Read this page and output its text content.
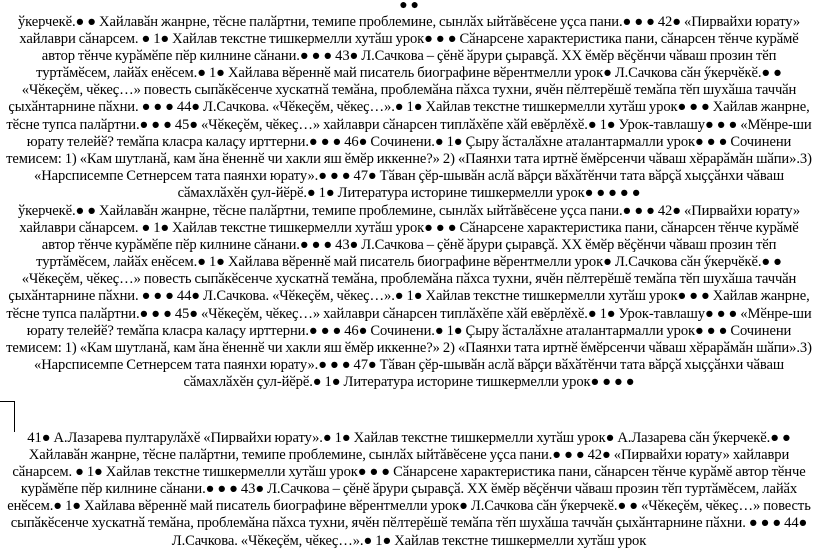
● ●
ўкерчекӗ.● ● Хайлавӑн жанрне, тӗсне палӑртни, темипе проблемине, сынлӑх ыйтӑвӗсене уҫса пани.● ● ● 42● «Пирвайхи юрату» хайлаври сӑнарсем. ● 1● Хайлав текстне тишкермелли хутӑш урок● ● ● Сӑнарсене характеристика пани, сӑнарсен тӗнче курӑмӗ автор тӗнче курӑмӗпе пӗр килнине сӑнани.● ● ● 43● Л.Сачкова – ҫӗнӗ ӑрури ҫыравҫӑ. ХХ ӗмӗр вӗҫӗнчи чӑваш прозин тӗп туртӑмӗсем, лайӑх енӗсем.● 1● Хайлава вӗреннӗ май писатель биографине вӗрентмелли урок● Л.Сачкова сӑн ӳкерчӗкӗ.● ● «Чӗкеҫӗм, чӗкеҫ…» повесть сыпӑкӗсенче хускатнӑ темӑна, проблемӑна пӑхса тухни, ячӗн пӗлтерӗшӗ темӑпа тӗп шухӑша таччӑн ҫыхӑнтарнине пӑхни. ● ● ● 44● Л.Сачкова. «Чӗкеҫӗм, чӗкеҫ…».● 1● Хайлав текстне тишкермелли хутӑш урок● ● ● Хайлав жанрне, тӗсне тупса палӑртни.● ● ● 45● «Чӗкеҫӗм, чӗкеҫ…» хайлаври сӑнарсен типлӑхӗпе хӑй евӗрлӗхӗ.● 1● Урок-тавлашу● ● ● «Мӗнре-ши юрату телейӗ? темӑпа класра калаҫу ирттерни.● ● ● 46● Сочинени.● 1● Ҫыру ӑсталӑхне аталантармалли урок● ● ● Сочинени темисем: 1) «Кам шутланӑ, кам ӑна ӗненнӗ чи хакли яш ӗмӗр иккенне?» 2) «Паянхи тата иртнӗ ӗмӗрсенчи чӑваш хӗрарӑмӑн шӑпи».3) «Нарсписемпе Сетнерсем тата паянхи юрату».● ● ● 47● Тӑван ҫӗр-шывӑн аслӑ вӑрҫи вӑхӑтӗнчи тата вӑрҫӑ хыҫҫӑнхи чӑваш сӑмахлӑхӗн ҫул-йӗрӗ.● 1● Литература историне тишкермелли урок● ● ● ● ●
ўкерчекӗ.● ● Хайлавӑн жанрне, тӗсне палӑртни, темипе проблемине, сынлӑх ыйтӑвӗсене уҫса пани.● ● ● 42● «Пирвайхи юрату» хайлаври сӑнарсем. ● 1● Хайлав текстне тишкермелли хутӑш урок● ● ● Сӑнарсене характеристика пани, сӑнарсен тӗнче курӑмӗ автор тӗнче курӑмӗпе пӗр килнине сӑнани.● ● ● 43● Л.Сачкова – ҫӗнӗ ӑрури ҫыравҫӑ. ХХ ӗмӗр вӗҫӗнчи чӑваш прозин тӗп туртӑмӗсем, лайӑх енӗсем.● 1● Хайлава вӗреннӗ май писатель биографине вӗрентмелли урок● Л.Сачкова сӑн ӳкерчӗкӗ.● ● «Чӗкеҫӗм, чӗкеҫ…» повесть сыпӑкӗсенче хускатнӑ темӑна, проблемӑна пӑхса тухни, ячӗн пӗлтерӗшӗ темӑпа тӗп шухӑша таччӑн ҫыхӑнтарнине пӑхни. ● ● ● 44● Л.Сачкова. «Чӗкеҫӗм, чӗкеҫ…».● 1● Хайлав текстне тишкермелли хутӑш урок● ● ● Хайлав жанрне, тӗсне тупса палӑртни.● ● ● 45● «Чӗкеҫӗм, чӗкеҫ…» хайлаври сӑнарсен типлӑхӗпе хӑй евӗрлӗхӗ.● 1● Урок-тавлашу● ● ● «Мӗнре-ши юрату телейӗ? темӑпа класра калаҫу ирттерни.● ● ● 46● Сочинени.● 1● Ҫыру ӑсталӑхне аталантармалли урок● ● ● Сочинени темисем: 1) «Кам шутланӑ, кам ӑна ӗненнӗ чи хакли яш ӗмӗр иккенне?» 2) «Паянхи тата иртнӗ ӗмӗрсенчи чӑваш хӗрарӑмӑн шӑпи».3) «Нарсписемпе Сетнерсем тата паянхи юрату».● ● ● 47● Тӑван ҫӗр-шывӑн аслӑ вӑрҫи вӑхӑтӗнчи тата вӑрҫӑ хыҫҫӑнхи чӑваш сӑмахлӑхӗн ҫул-йӗрӗ.● 1● Литература историне тишкермелли урок● ● ● ●
41● А.Лазарева пултарулӑхӗ «Пирвайхи юрату».● 1● Хайлав текстне тишкермелли хутӑш урок● А.Лазарева сӑн ӳкерчекӗ.● ● Хайлавӑн жанрне, тӗсне палӑртни, темипе проблемине, сынлӑх ыйтӑвӗсене уҫса пани.● ● ● 42● «Пирвайхи юрату» хайлаври сӑнарсем. ● 1● Хайлав текстне тишкермелли хутӑш урок● ● ● Сӑнарсене характеристика пани, сӑнарсен тӗнче курӑмӗ автор тӗнче курӑмӗпе пӗр килнине сӑнани.● ● ● 43● Л.Сачкова – ҫӗнӗ ӑрури ҫыравҫӑ. ХХ ӗмӗр вӗҫӗнчи чӑваш прозин тӗп туртӑмӗсем, лайӑх енӗсем.● 1● Хайлава вӗреннӗ май писатель биографине вӗрентмелли урок● Л.Сачкова сӑн ӳкерчекӗ.● ● «Чӗкеҫӗм, чӗкеҫ…» повесть сыпӑкӗсенче хускатнӑ темӑна, проблемӑна пӑхса тухни, ячӗн пӗлтерӗшӗ темӑпа тӗп шухӑша таччӑн ҫыхӑнтарнине пӑхни. ● ● ● 44● Л.Сачкова. «Чӗкеҫӗм, чӗкеҫ…».● 1● Хайлав текстне тишкермелли хутӑш урок
